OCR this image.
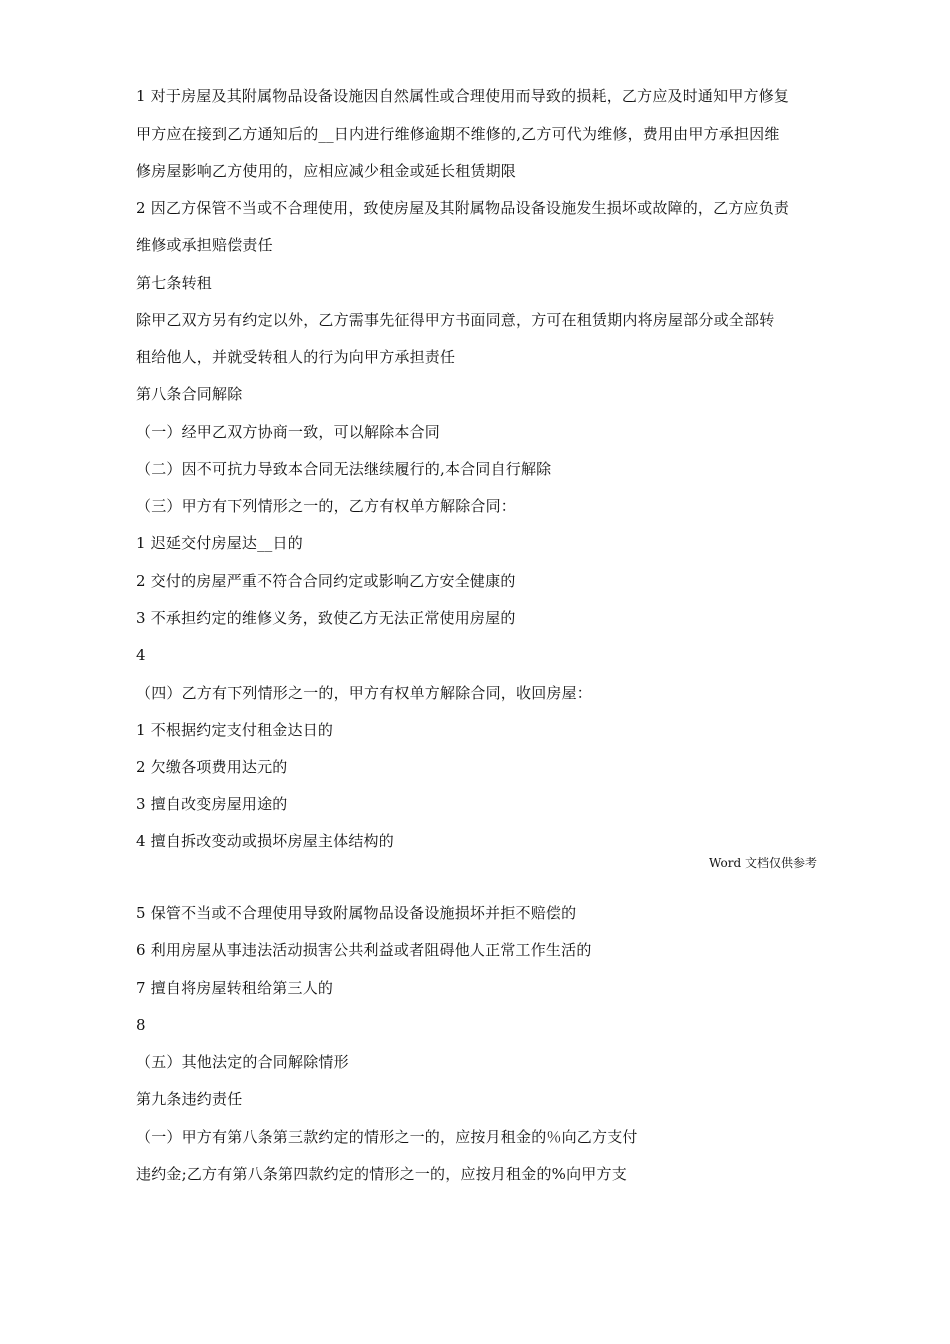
1 对于房屋及其附属物品设备设施因自然属性或合理使用而导致的损耗，乙方应及时通知甲方修复
甲方应在接到乙方通知后的__日内进行维修逾期不维修的,乙方可代为维修，费用由甲方承担因维
修房屋影响乙方使用的，应相应减少租金或延长租赁期限
2 因乙方保管不当或不合理使用，致使房屋及其附属物品设备设施发生损坏或故障的，乙方应负责
维修或承担赔偿责任
第七条转租
除甲乙双方另有约定以外，乙方需事先征得甲方书面同意，方可在租赁期内将房屋部分或全部转
租给他人，并就受转租人的行为向甲方承担责任
第八条合同解除
（一）经甲乙双方协商一致，可以解除本合同
（二）因不可抗力导致本合同无法继续履行的,本合同自行解除
（三）甲方有下列情形之一的，乙方有权单方解除合同：
1 迟延交付房屋达__日的
2 交付的房屋严重不符合合同约定或影响乙方安全健康的
3 不承担约定的维修义务，致使乙方无法正常使用房屋的
4
（四）乙方有下列情形之一的，甲方有权单方解除合同，收回房屋：
1 不根据约定支付租金达日的
2 欠缴各项费用达元的
3 擅自改变房屋用途的
4 擅自拆改变动或损坏房屋主体结构的
Word 文档仅供参考
5 保管不当或不合理使用导致附属物品设备设施损坏并拒不赔偿的
6 利用房屋从事违法活动损害公共利益或者阻碍他人正常工作生活的
7 擅自将房屋转租给第三人的
8
（五）其他法定的合同解除情形
第九条违约责任
（一）甲方有第八条第三款约定的情形之一的，应按月租金的％向乙方支付
违约金;乙方有第八条第四款约定的情形之一的，应按月租金的%向甲方支
